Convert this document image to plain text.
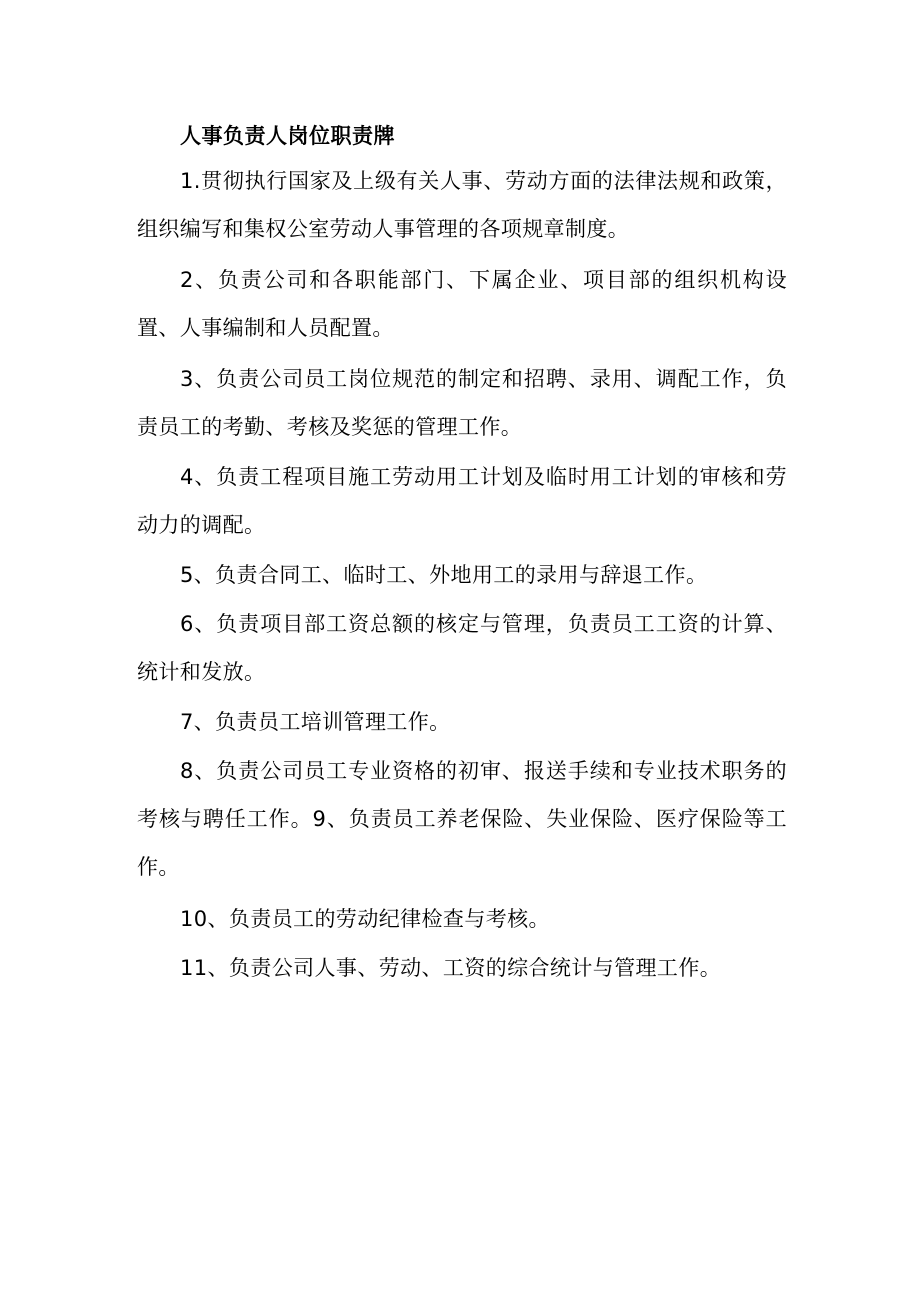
人事负责人岗位职责牌
1.贯彻执行国家及上级有关人事、劳动方面的法律法规和政策，组织编写和集权公室劳动人事管理的各项规章制度。
2、负责公司和各职能部门、下属企业、项目部的组织机构设置、人事编制和人员配置。
3、负责公司员工岗位规范的制定和招聘、录用、调配工作，负责员工的考勤、考核及奖惩的管理工作。
4、负责工程项目施工劳动用工计划及临时用工计划的审核和劳动力的调配。
5、负责合同工、临时工、外地用工的录用与辞退工作。
6、负责项目部工资总额的核定与管理，负责员工工资的计算、统计和发放。
7、负责员工培训管理工作。
8、负责公司员工专业资格的初审、报送手续和专业技术职务的考核与聘任工作。9、负责员工养老保险、失业保险、医疗保险等工作。
10、负责员工的劳动纪律检查与考核。
11、负责公司人事、劳动、工资的综合统计与管理工作。
